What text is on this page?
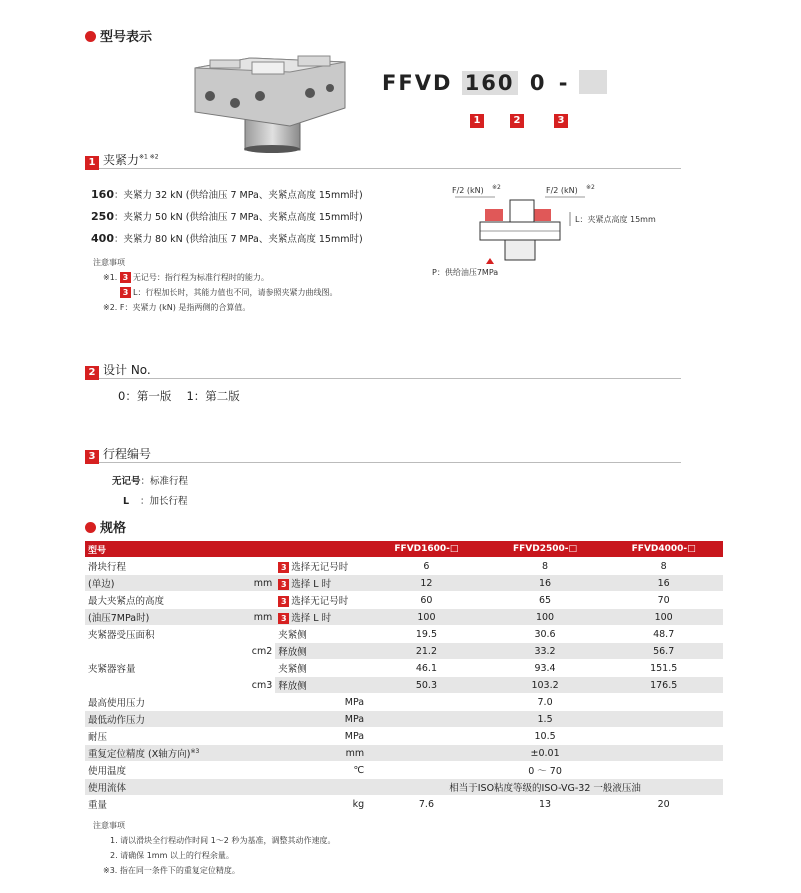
型号表示
FFVD 160 0 -
1	2	3
1 夹紧力$^{※1 ※2}$
160：夹紧力 32 kN (供给油压 7 MPa、夹紧点高度 15mm时)
250：夹紧力 50 kN (供给油压 7 MPa、夹紧点高度 15mm时)
400：夹紧力 80 kN (供给油压 7 MPa、夹紧点高度 15mm时)
注意事项
※1. 3 无记号：指行程为标准行程时的能力。
3 L：行程加长时，其能力值也不同，请参照夹紧力曲线图。
※2. F：夹紧力 (kN) 是指两侧的合算值。
F/2 (kN) ※2	F/2 (kN) ※2
L：夹紧点高度 15mm
P：供给油压7MPa
2 设计 No.
0：第一版　 1：第二版
3 行程编号
无记号：标准行程
L ：加长行程
规格
型号			FFVD1600-□	FFVD2500-□	FFVD4000-□
滑块行程		3 选择无记号时	6	8	8
(单边)	mm	3 选择 L 时	12	16	16
最大夹紧点的高度		3 选择无记号时	60	65	70
(油压7MPa时)	mm	3 选择 L 时	100	100	100
夹紧器受压面积		夹紧侧	19.5	30.6	48.7
	cm2	释放侧	21.2	33.2	56.7
夹紧器容量		夹紧侧	46.1	93.4	151.5
	cm3	释放侧	50.3	103.2	176.5
最高使用压力	MPa		7.0		
最低动作压力	MPa		1.5		
耐压	MPa		10.5		
重复定位精度 (X轴方向)$^{※3}$		mm	±0.01		
使用温度	℃		0 ～ 70		
使用流体			相当于ISO粘度等级的ISO-VG-32 一般液压油		
重量	kg		7.6	13	20
注意事项
1. 请以滑块全行程动作时间 1～2 秒为基准，调整其动作速度。
2. 请确保 1mm 以上的行程余量。
※3. 指在同一条件下的重复定位精度。
